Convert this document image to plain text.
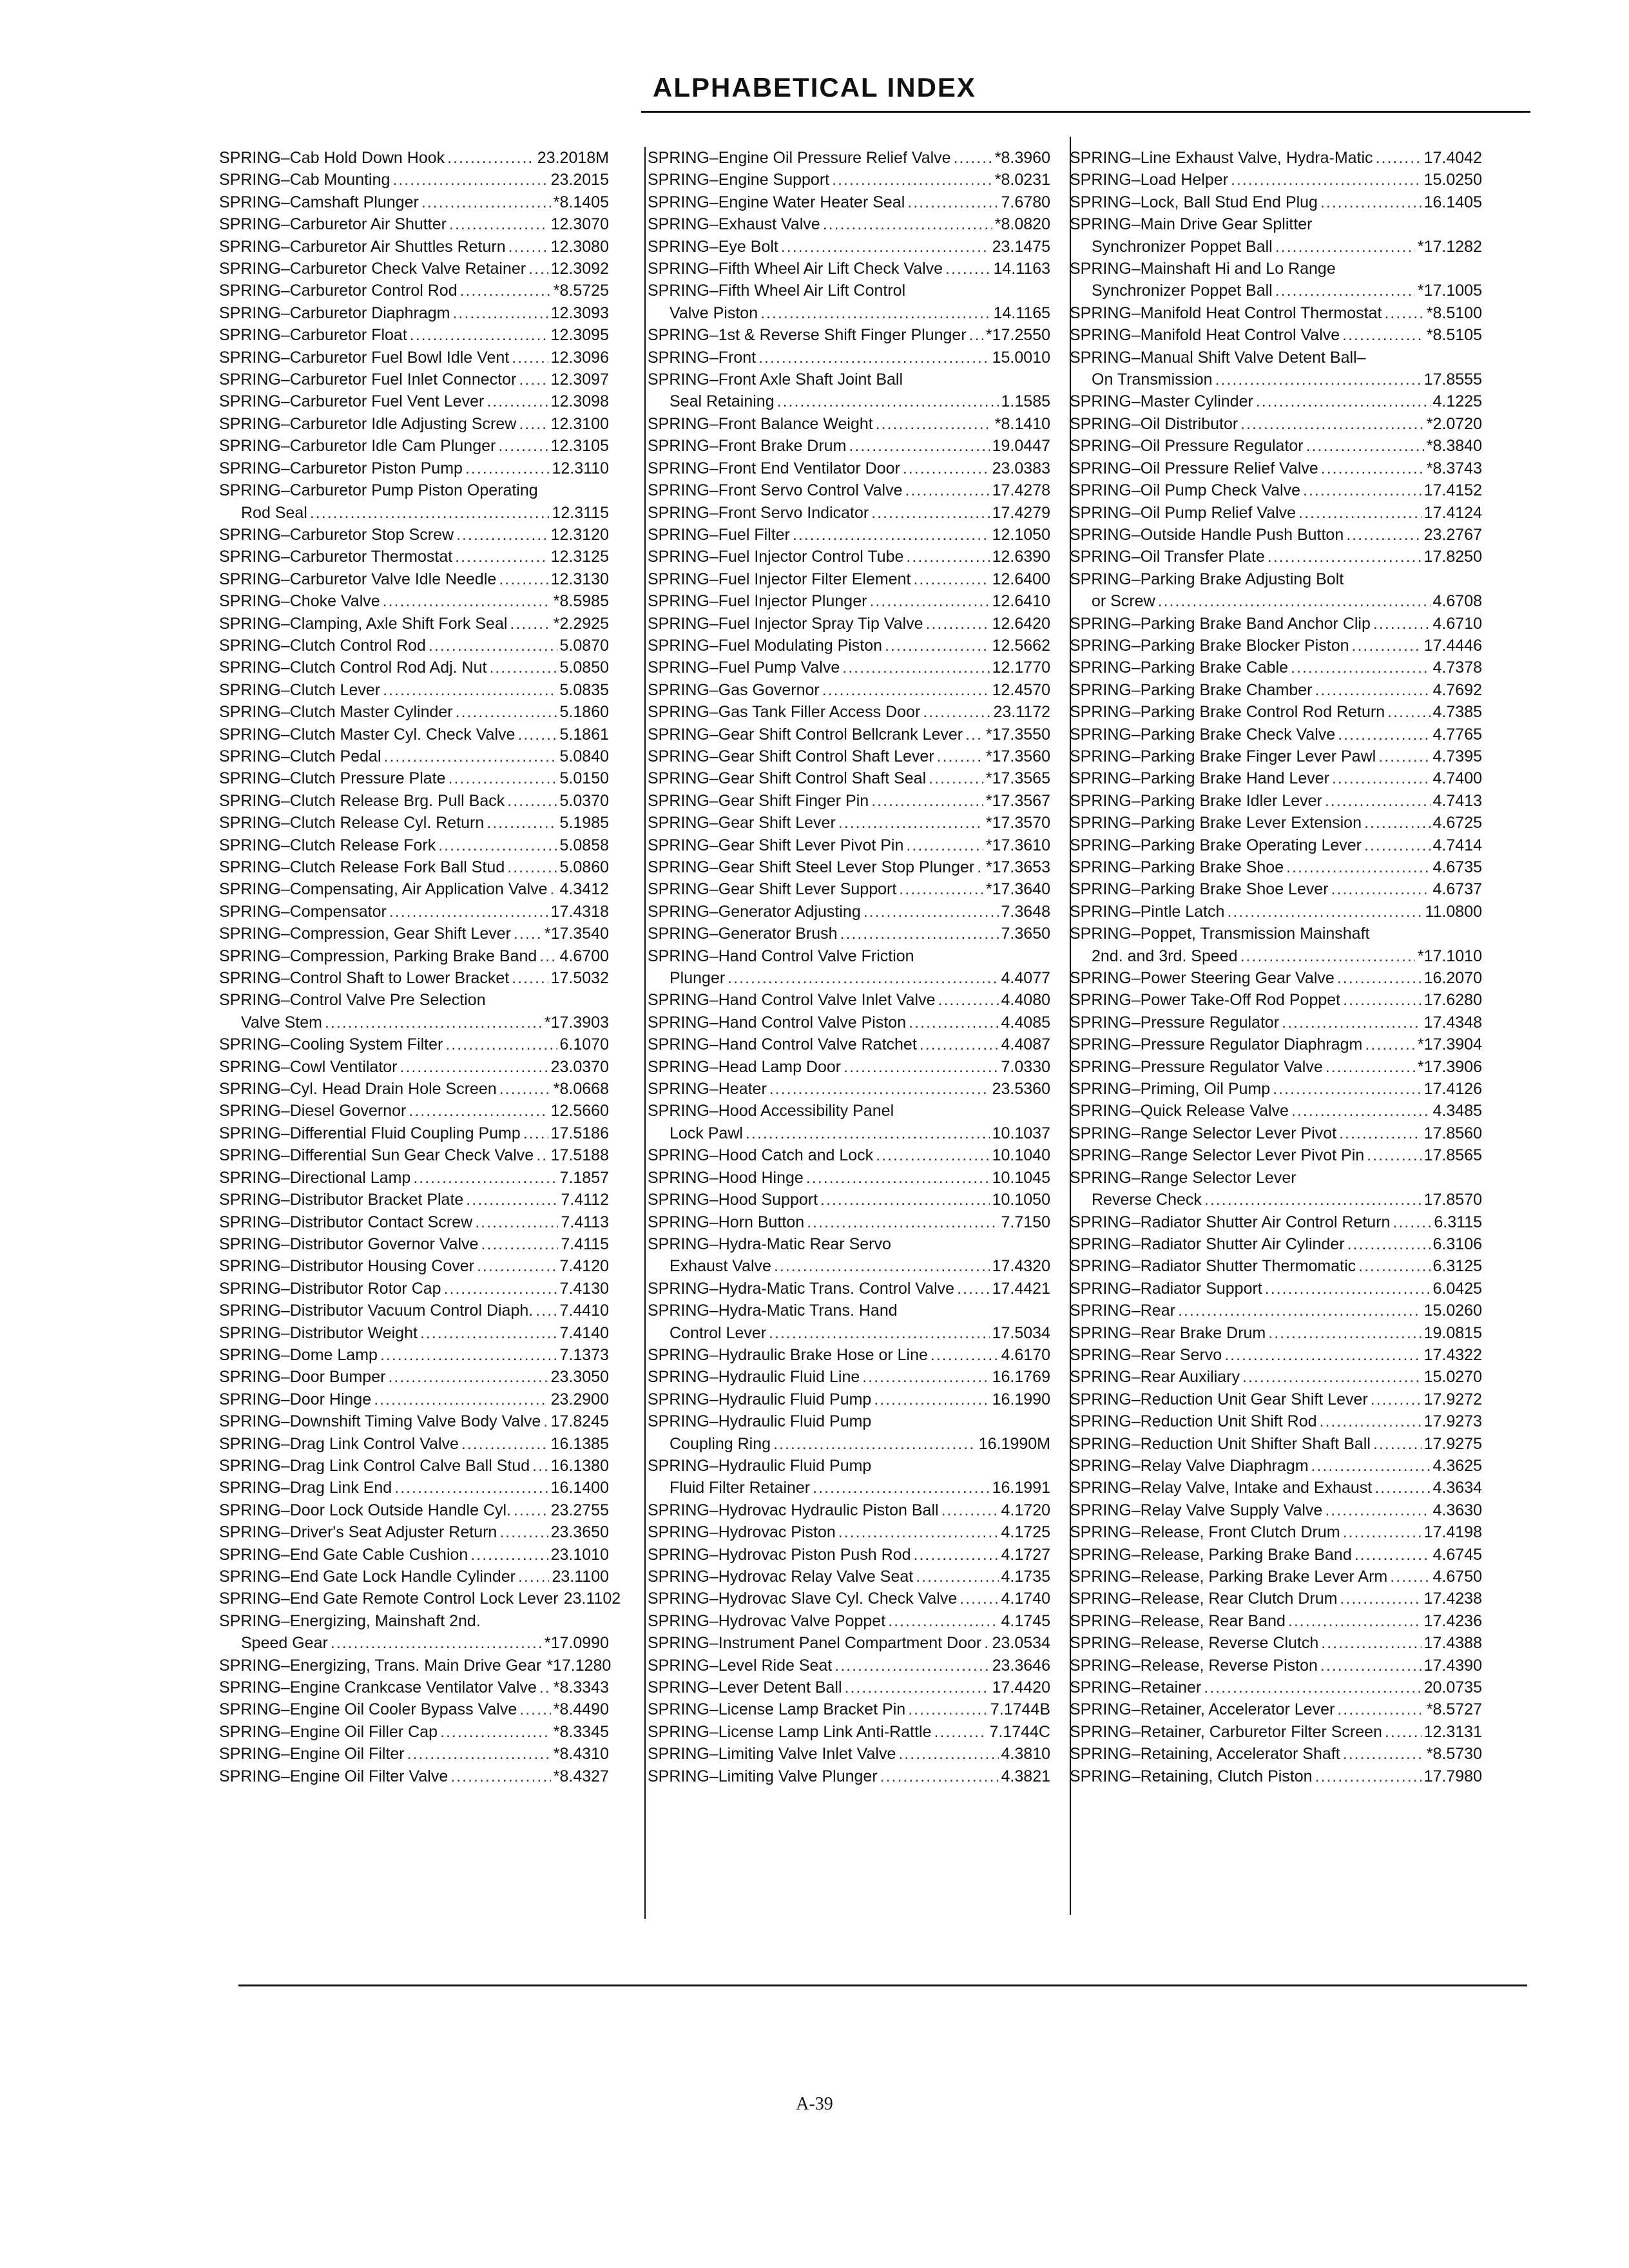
ALPHABETICAL INDEX
SPRING–Cab Hold Down Hook .....	23.2018M
SPRING–Cab Mounting .....	23.2015
SPRING–Camshaft Plunger .....	*8.1405
SPRING–Carburetor Air Shutter .....	12.3070
SPRING–Carburetor Air Shuttles Return .....	12.3080
SPRING–Carburetor Check Valve Retainer ..... 12.3092
SPRING–Carburetor Control Rod .....	*8.5725
SPRING–Carburetor Diaphragm .....	12.3093
SPRING–Carburetor Float .....	12.3095
SPRING–Carburetor Fuel Bowl Idle Vent .....	12.3096
SPRING–Carburetor Fuel Inlet Connector ..... 12.3097
SPRING–Carburetor Fuel Vent Lever .....	12.3098
SPRING–Carburetor Idle Adjusting Screw ..... 12.3100
SPRING–Carburetor Idle Cam Plunger .....	12.3105
SPRING–Carburetor Piston Pump .....	12.3110
SPRING–Carburetor Pump Piston Operating
Rod Seal .....	12.3115
SPRING–Carburetor Stop Screw .....	12.3120
SPRING–Carburetor Thermostat .....	12.3125
SPRING–Carburetor Valve Idle Needle .....	12.3130
SPRING–Choke Valve .....	*8.5985
SPRING–Clamping, Axle Shift Fork Seal .....	*2.2925
SPRING–Clutch Control Rod .....	5.0870
SPRING–Clutch Control Rod Adj. Nut .....	5.0850
SPRING–Clutch Lever .....	5.0835
SPRING–Clutch Master Cylinder .....	5.1860
SPRING–Clutch Master Cyl. Check Valve .....	5.1861
SPRING–Clutch Pedal .....	5.0840
SPRING–Clutch Pressure Plate .....	5.0150
SPRING–Clutch Release Brg. Pull Back .....	5.0370
SPRING–Clutch Release Cyl. Return .....	5.1985
SPRING–Clutch Release Fork .....	5.0858
SPRING–Clutch Release Fork Ball Stud .....	5.0860
SPRING–Compensating, Air Application Valve ..... 4.3412
SPRING–Compensator .....	17.4318
SPRING–Compression, Gear Shift Lever ..... *17.3540
SPRING–Compression, Parking Brake Band ..... 4.6700
SPRING–Control Shaft to Lower Bracket .....	17.5032
SPRING–Control Valve Pre Selection
Valve Stem .....	*17.3903
SPRING–Cooling System Filter .....	6.1070
SPRING–Cowl Ventilator .....	23.0370
SPRING–Cyl. Head Drain Hole Screen .....	*8.0668
SPRING–Diesel Governor .....	12.5660
SPRING–Differential Fluid Coupling Pump ..... 17.5186
SPRING–Differential Sun Gear Check Valve ..... 17.5188
SPRING–Directional Lamp .....	7.1857
SPRING–Distributor Bracket Plate .....	7.4112
SPRING–Distributor Contact Screw .....	7.4113
SPRING–Distributor Governor Valve .....	7.4115
SPRING–Distributor Housing Cover .....	7.4120
SPRING–Distributor Rotor Cap .....	7.4130
SPRING–Distributor Vacuum Control Diaph. ..... 7.4410
SPRING–Distributor Weight .....	7.4140
SPRING–Dome Lamp .....	7.1373
SPRING–Door Bumper .....	23.3050
SPRING–Door Hinge .....	23.2900
SPRING–Downshift Timing Valve Body Valve ..... 17.8245
SPRING–Drag Link Control Valve .....	16.1385
SPRING–Drag Link Control Calve Ball Stud ..... 16.1380
SPRING–Drag Link End .....	16.1400
SPRING–Door Lock Outside Handle Cyl. ..... 23.2755
SPRING–Driver's Seat Adjuster Return .....	23.3650
SPRING–End Gate Cable Cushion .....	23.1010
SPRING–End Gate Lock Handle Cylinder ..... 23.1100
SPRING–End Gate Remote Control Lock Lever 23.1102
SPRING–Energizing, Mainshaft 2nd.
Speed Gear .....	*17.0990
SPRING–Energizing, Trans. Main Drive Gear *17.1280
SPRING–Engine Crankcase Ventilator Valve ..... *8.3343
SPRING–Engine Oil Cooler Bypass Valve ..... *8.4490
SPRING–Engine Oil Filler Cap .....	*8.3345
SPRING–Engine Oil Filter .....	*8.4310
SPRING–Engine Oil Filter Valve .....	*8.4327
SPRING–Engine Oil Pressure Relief Valve .....	*8.3960
SPRING–Engine Support .....	*8.0231
SPRING–Engine Water Heater Seal .....	7.6780
SPRING–Exhaust Valve .....	*8.0820
SPRING–Eye Bolt .....	23.1475
SPRING–Fifth Wheel Air Lift Check Valve .....	14.1163
SPRING–Fifth Wheel Air Lift Control
Valve Piston .....	14.1165
SPRING–1st & Reverse Shift Finger Plunger ..... *17.2550
SPRING–Front .....	15.0010
SPRING–Front Axle Shaft Joint Ball
Seal Retaining .....	1.1585
SPRING–Front Balance Weight .....	*8.1410
SPRING–Front Brake Drum .....	19.0447
SPRING–Front End Ventilator Door .....	23.0383
SPRING–Front Servo Control Valve .....	17.4278
SPRING–Front Servo Indicator .....	17.4279
SPRING–Fuel Filter .....	12.1050
SPRING–Fuel Injector Control Tube .....	12.6390
SPRING–Fuel Injector Filter Element .....	12.6400
SPRING–Fuel Injector Plunger .....	12.6410
SPRING–Fuel Injector Spray Tip Valve .....	12.6420
SPRING–Fuel Modulating Piston .....	12.5662
SPRING–Fuel Pump Valve .....	12.1770
SPRING–Gas Governor .....	12.4570
SPRING–Gas Tank Filler Access Door .....	23.1172
SPRING–Gear Shift Control Bellcrank Lever ..... *17.3550
SPRING–Gear Shift Control Shaft Lever .....	*17.3560
SPRING–Gear Shift Control Shaft Seal .....	*17.3565
SPRING–Gear Shift Finger Pin .....	*17.3567
SPRING–Gear Shift Lever .....	*17.3570
SPRING–Gear Shift Lever Pivot Pin .....	*17.3610
SPRING–Gear Shift Steel Lever Stop Plunger ..... *17.3653
SPRING–Gear Shift Lever Support .....	*17.3640
SPRING–Generator Adjusting .....	7.3648
SPRING–Generator Brush .....	7.3650
SPRING–Hand Control Valve Friction
Plunger .....	4.4077
SPRING–Hand Control Valve Inlet Valve .....	4.4080
SPRING–Hand Control Valve Piston .....	4.4085
SPRING–Hand Control Valve Ratchet .....	4.4087
SPRING–Head Lamp Door .....	7.0330
SPRING–Heater .....	23.5360
SPRING–Hood Accessibility Panel
Lock Pawl .....	10.1037
SPRING–Hood Catch and Lock .....	10.1040
SPRING–Hood Hinge .....	10.1045
SPRING–Hood Support .....	10.1050
SPRING–Horn Button .....	7.7150
SPRING–Hydra-Matic Rear Servo
Exhaust Valve .....	17.4320
SPRING–Hydra-Matic Trans. Control Valve ..... 17.4421
SPRING–Hydra-Matic Trans. Hand
Control Lever .....	17.5034
SPRING–Hydraulic Brake Hose or Line .....	4.6170
SPRING–Hydraulic Fluid Line .....	16.1769
SPRING–Hydraulic Fluid Pump .....	16.1990
SPRING–Hydraulic Fluid Pump
Coupling Ring .....	16.1990M
SPRING–Hydraulic Fluid Pump
Fluid Filter Retainer .....	16.1991
SPRING–Hydrovac Hydraulic Piston Ball .....	4.1720
SPRING–Hydrovac Piston .....	4.1725
SPRING–Hydrovac Piston Push Rod .....	4.1727
SPRING–Hydrovac Relay Valve Seat .....	4.1735
SPRING–Hydrovac Slave Cyl. Check Valve .....	4.1740
SPRING–Hydrovac Valve Poppet .....	4.1745
SPRING–Instrument Panel Compartment Door ..... 23.0534
SPRING–Level Ride Seat .....	23.3646
SPRING–Lever Detent Ball .....	17.4420
SPRING–License Lamp Bracket Pin .....	7.1744B
SPRING–License Lamp Link Anti-Rattle .....	7.1744C
SPRING–Limiting Valve Inlet Valve .....	4.3810
SPRING–Limiting Valve Plunger .....	4.3821
SPRING–Line Exhaust Valve, Hydra-Matic .....	17.4042
SPRING–Load Helper .....	15.0250
SPRING–Lock, Ball Stud End Plug .....	16.1405
SPRING–Main Drive Gear Splitter
Synchronizer Poppet Ball .....	*17.1282
SPRING–Mainshaft Hi and Lo Range
Synchronizer Poppet Ball .....	*17.1005
SPRING–Manifold Heat Control Thermostat .....	*8.5100
SPRING–Manifold Heat Control Valve .....	*8.5105
SPRING–Manual Shift Valve Detent Ball–
On Transmission .....	17.8555
SPRING–Master Cylinder .....	4.1225
SPRING–Oil Distributor .....	*2.0720
SPRING–Oil Pressure Regulator .....	*8.3840
SPRING–Oil Pressure Relief Valve .....	*8.3743
SPRING–Oil Pump Check Valve .....	17.4152
SPRING–Oil Pump Relief Valve .....	17.4124
SPRING–Outside Handle Push Button .....	23.2767
SPRING–Oil Transfer Plate .....	17.8250
SPRING–Parking Brake Adjusting Bolt
or Screw .....	4.6708
SPRING–Parking Brake Band Anchor Clip .....	4.6710
SPRING–Parking Brake Blocker Piston .....	17.4446
SPRING–Parking Brake Cable .....	4.7378
SPRING–Parking Brake Chamber .....	4.7692
SPRING–Parking Brake Control Rod Return .....	4.7385
SPRING–Parking Brake Check Valve .....	4.7765
SPRING–Parking Brake Finger Lever Pawl .....	4.7395
SPRING–Parking Brake Hand Lever .....	4.7400
SPRING–Parking Brake Idler Lever .....	4.7413
SPRING–Parking Brake Lever Extension .....	4.6725
SPRING–Parking Brake Operating Lever .....	4.7414
SPRING–Parking Brake Shoe .....	4.6735
SPRING–Parking Brake Shoe Lever .....	4.6737
SPRING–Pintle Latch .....	11.0800
SPRING–Poppet, Transmission Mainshaft
2nd. and 3rd. Speed .....	*17.1010
SPRING–Power Steering Gear Valve .....	16.2070
SPRING–Power Take-Off Rod Poppet .....	17.6280
SPRING–Pressure Regulator .....	17.4348
SPRING–Pressure Regulator Diaphragm .....	*17.3904
SPRING–Pressure Regulator Valve .....	*17.3906
SPRING–Priming, Oil Pump .....	17.4126
SPRING–Quick Release Valve .....	4.3485
SPRING–Range Selector Lever Pivot .....	17.8560
SPRING–Range Selector Lever Pivot Pin .....	17.8565
SPRING–Range Selector Lever
Reverse Check .....	17.8570
SPRING–Radiator Shutter Air Control Return .....	6.3115
SPRING–Radiator Shutter Air Cylinder .....	6.3106
SPRING–Radiator Shutter Thermomatic .....	6.3125
SPRING–Radiator Support .....	6.0425
SPRING–Rear .....	15.0260
SPRING–Rear Brake Drum .....	19.0815
SPRING–Rear Servo .....	17.4322
SPRING–Rear Auxiliary .....	15.0270
SPRING–Reduction Unit Gear Shift Lever .....	17.9272
SPRING–Reduction Unit Shift Rod .....	17.9273
SPRING–Reduction Unit Shifter Shaft Ball .....	17.9275
SPRING–Relay Valve Diaphragm .....	4.3625
SPRING–Relay Valve, Intake and Exhaust .....	4.3634
SPRING–Relay Valve Supply Valve .....	4.3630
SPRING–Release, Front Clutch Drum .....	17.4198
SPRING–Release, Parking Brake Band .....	4.6745
SPRING–Release, Parking Brake Lever Arm .....	4.6750
SPRING–Release, Rear Clutch Drum .....	17.4238
SPRING–Release, Rear Band .....	17.4236
SPRING–Release, Reverse Clutch .....	17.4388
SPRING–Release, Reverse Piston .....	17.4390
SPRING–Retainer .....	20.0735
SPRING–Retainer, Accelerator Lever .....	*8.5727
SPRING–Retainer, Carburetor Filter Screen .....	12.3131
SPRING–Retaining, Accelerator Shaft .....	*8.5730
SPRING–Retaining, Clutch Piston .....	17.7980
A-39
